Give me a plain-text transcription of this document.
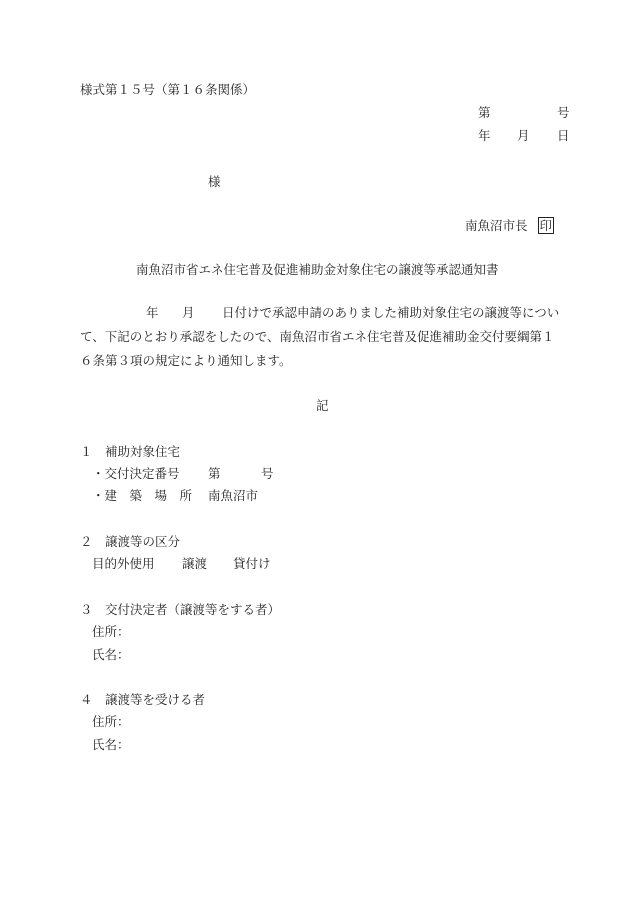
様式第１５号（第１６条関係）
第	号
年 月 日
様
南魚沼市長 印
南魚沼市省エネ住宅普及促進補助金対象住宅の譲渡等承認通知書
年 月 日付けで承認申請のありました補助対象住宅の譲渡等につい
て、下記のとおり承認をしたので、南魚沼市省エネ住宅普及促進補助金交付要綱第１
６条第３項の規定により通知します。
記
１　補助対象住宅
・交付決定番号 第	号
・建　築　場　所 南魚沼市
２　譲渡等の区分
目的外使用 譲渡 貸付け
３　交付決定者（譲渡等をする者）
住所：
氏名：
４　譲渡等を受ける者
住所：
氏名：
